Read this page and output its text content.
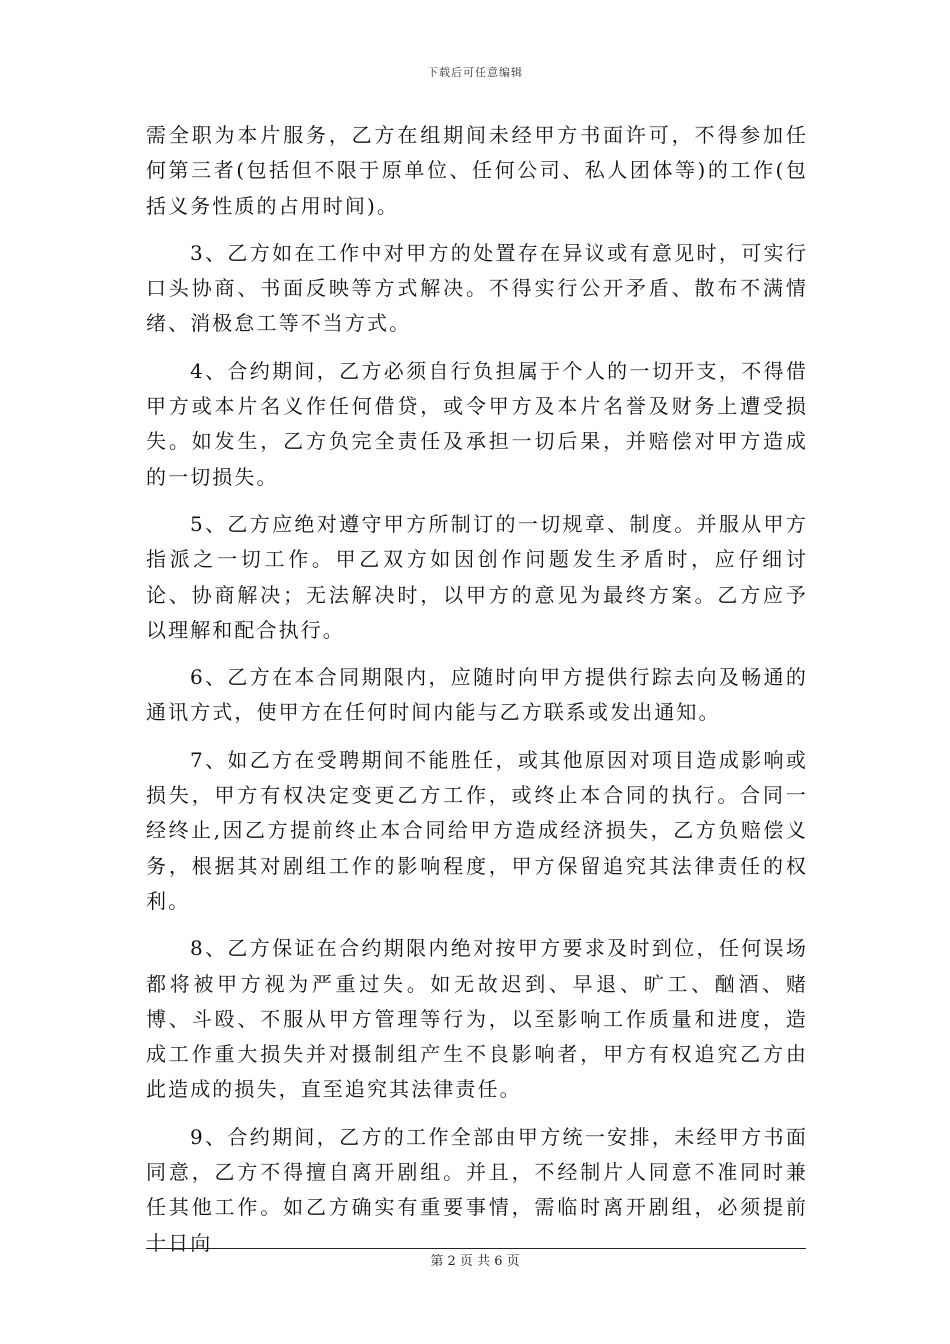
下载后可任意编辑

需全职为本片服务，乙方在组期间未经甲方书面许可，不得参加任何第三者(包括但不限于原单位、任何公司、私人团体等)的工作(包括义务性质的占用时间)。

3、乙方如在工作中对甲方的处置存在异议或有意见时，可实行口头协商、书面反映等方式解决。不得实行公开矛盾、散布不满情绪、消极怠工等不当方式。

4、合约期间，乙方必须自行负担属于个人的一切开支，不得借甲方或本片名义作任何借贷，或令甲方及本片名誉及财务上遭受损失。如发生，乙方负完全责任及承担一切后果，并赔偿对甲方造成的一切损失。

5、乙方应绝对遵守甲方所制订的一切规章、制度。并服从甲方指派之一切工作。甲乙双方如因创作问题发生矛盾时，应仔细讨论、协商解决；无法解决时，以甲方的意见为最终方案。乙方应予以理解和配合执行。

6、乙方在本合同期限内，应随时向甲方提供行踪去向及畅通的通讯方式，使甲方在任何时间内能与乙方联系或发出通知。

7、如乙方在受聘期间不能胜任，或其他原因对项目造成影响或损失，甲方有权决定变更乙方工作，或终止本合同的执行。合同一经终止,因乙方提前终止本合同给甲方造成经济损失，乙方负赔偿义务，根据其对剧组工作的影响程度，甲方保留追究其法律责任的权利。

8、乙方保证在合约期限内绝对按甲方要求及时到位，任何误场都将被甲方视为严重过失。如无故迟到、早退、旷工、酗酒、赌博、斗殴、不服从甲方管理等行为，以至影响工作质量和进度，造成工作重大损失并对摄制组产生不良影响者，甲方有权追究乙方由此造成的损失，直至追究其法律责任。

9、合约期间，乙方的工作全部由甲方统一安排，未经甲方书面同意，乙方不得擅自离开剧组。并且，不经制片人同意不准同时兼任其他工作。如乙方确实有重要事情，需临时离开剧组，必须提前十日向

第 2 页 共 6 页
